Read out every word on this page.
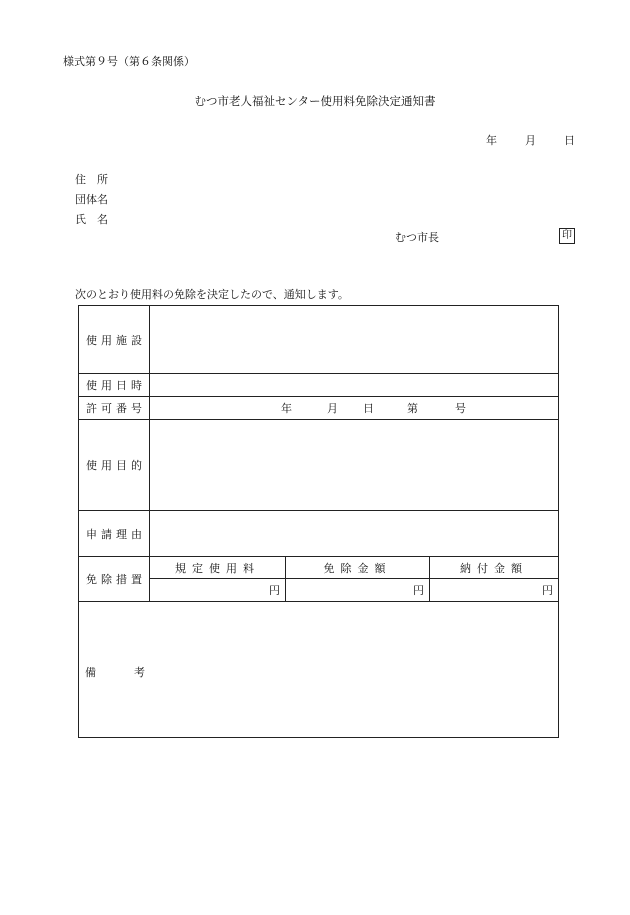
様式第９号（第６条関係）
むつ市老人福祉センター使用料免除決定通知書
年	月	日
住　所
団体名
氏　名
むつ市長	印
次のとおり使用料の免除を決定したので、通知します。
使用施設			
使用日時			
許可番号	年 月 日 第 号		

使用目的			
申請理由			
免除措置	規定使用料	免除金額	納付金額
	円	円	円
備考			
